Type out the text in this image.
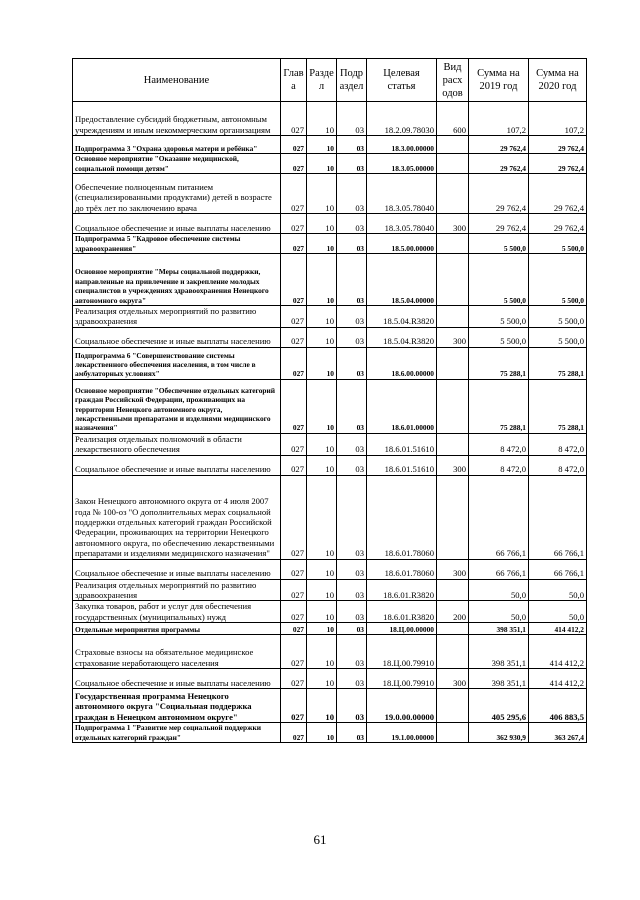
Наименование	Глав а	Разде л	Подр аздел	Целевая статья	Вид расх одов	Сумма на 2019 год	Сумма на 2020 год
Предоставление субсидий бюджетным, автономным учреждениям и иным некоммерческим организациям	027	10	03	18.2.09.78030	600	107,2	107,2
Подпрограмма 3 "Охрана здоровья матери и ребёнка"	027	10	03	18.3.00.00000		29 762,4	29 762,4
Основное мероприятие "Оказание медицинской, социальной помощи детям"	027	10	03	18.3.05.00000		29 762,4	29 762,4
Обеспечение полноценным питанием (специализированными продуктами) детей в возрасте до трёх лет по заключению врача	027	10	03	18.3.05.78040		29 762,4	29 762,4
Социальное обеспечение и иные выплаты населению	027	10	03	18.3.05.78040	300	29 762,4	29 762,4
Подпрограмма 5 "Кадровое обеспечение системы здравоохранения"	027	10	03	18.5.00.00000		5 500,0	5 500,0
Основное мероприятие "Меры социальной поддержки, направленные на привлечение и закрепление молодых специалистов в учреждениях здравоохранения Ненецкого автономного округа"	027	10	03	18.5.04.00000		5 500,0	5 500,0
Реализация отдельных мероприятий по развитию здравоохранения	027	10	03	18.5.04.R3820		5 500,0	5 500,0
Социальное обеспечение и иные выплаты населению	027	10	03	18.5.04.R3820	300	5 500,0	5 500,0
Подпрограмма 6 "Совершенствование системы лекарственного обеспечения населения, в том числе в амбулаторных условиях"	027	10	03	18.6.00.00000		75 288,1	75 288,1
Основное мероприятие "Обеспечение отдельных категорий граждан Российской Федерации, проживающих на территории Ненецкого автономного округа, лекарственными препаратами и изделиями медицинского назначения"	027	10	03	18.6.01.00000		75 288,1	75 288,1
Реализация отдельных полномочий в области лекарственного обеспечения	027	10	03	18.6.01.51610		8 472,0	8 472,0
Социальное обеспечение и иные выплаты населению	027	10	03	18.6.01.51610	300	8 472,0	8 472,0
Закон Ненецкого автономного округа от 4 июля 2007 года № 100-оз "О дополнительных мерах социальной поддержки отдельных категорий граждан Российской Федерации, проживающих на территории Ненецкого автономного округа, по обеспечению лекарственными препаратами и изделиями медицинского назначения"	027	10	03	18.6.01.78060		66 766,1	66 766,1
Социальное обеспечение и иные выплаты населению	027	10	03	18.6.01.78060	300	66 766,1	66 766,1
Реализация отдельных мероприятий по развитию здравоохранения	027	10	03	18.6.01.R3820		50,0	50,0
Закупка товаров, работ и услуг для обеспечения государственных (муниципальных) нужд	027	10	03	18.6.01.R3820	200	50,0	50,0
Отдельные мероприятия программы	027	10	03	18.Ц.00.00000		398 351,1	414 412,2
Страховые взносы на обязательное медицинское страхование неработающего населения	027	10	03	18.Ц.00.79910		398 351,1	414 412,2
Социальное обеспечение и иные выплаты населению	027	10	03	18.Ц.00.79910	300	398 351,1	414 412,2
Государственная программа Ненецкого автономного округа "Социальная поддержка граждан в Ненецком автономном округе"	027	10	03	19.0.00.00000		405 295,6	406 883,5
Подпрограмма 1 "Развитие мер социальной поддержки отдельных категорий граждан"	027	10	03	19.1.00.00000		362 930,9	363 267,4
61
